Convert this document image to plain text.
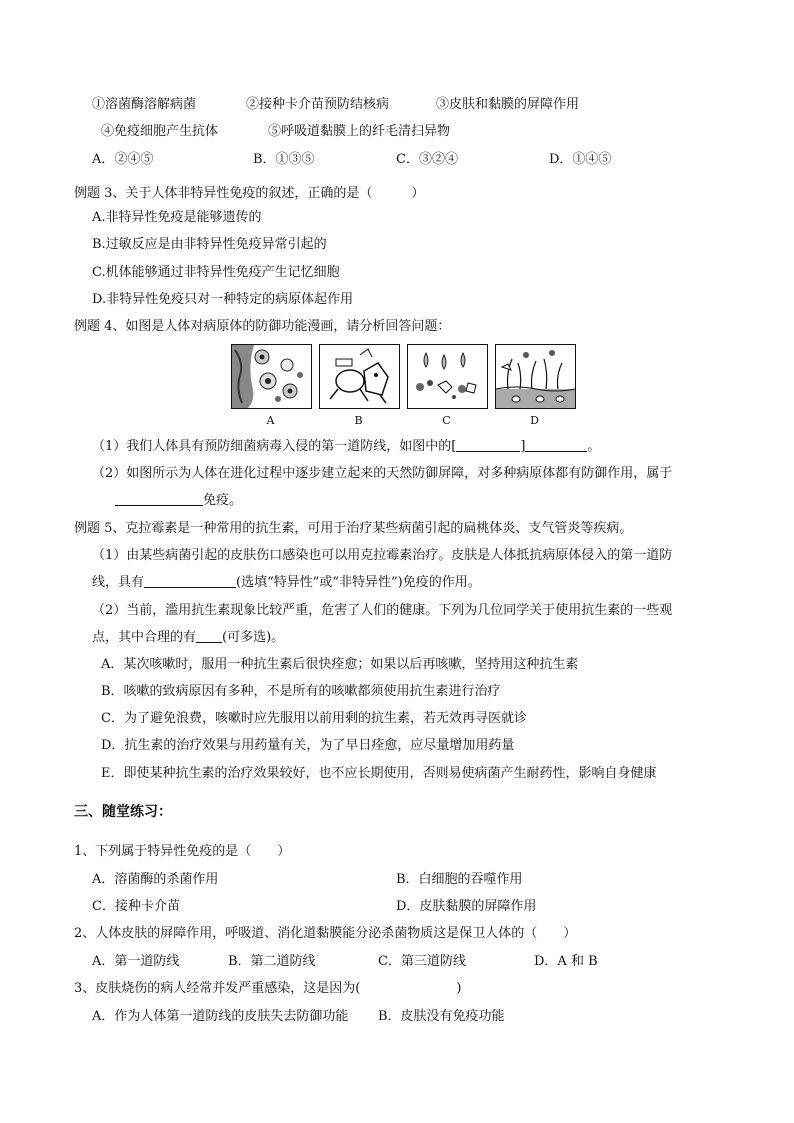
①溶菌酶溶解病菌	②接种卡介苗预防结核病	③皮肤和黏膜的屏障作用
④免疫细胞产生抗体	⑤呼吸道黏膜上的纤毛清扫异物
A．②④⑤	B．①③⑤	C．③②④	D．①④⑤
例题 3、关于人体非特异性免疫的叙述，正确的是（　　　）
A.非特异性免疫是能够遗传的
B.过敏反应是由非特异性免疫异常引起的
C.机体能够通过非特异性免疫产生记忆细胞
D.非特异性免疫只对一种特定的病原体起作用
例题 4、如图是人体对病原体的防御功能漫画，请分析回答问题：
A	B	C	D
（1）我们人体具有预防细菌病毒入侵的第一道防线，如图中的[	]	。
（2）如图所示为人体在进化过程中逐步建立起来的天然防御屏障，对多种病原体都有防御作用，属于
免疫。
例题 5、克拉霉素是一种常用的抗生素，可用于治疗某些病菌引起的扁桃体炎、支气管炎等疾病。
（1）由某些病菌引起的皮肤伤口感染也可以用克拉霉素治疗。皮肤是人体抵抗病原体侵入的第一道防
线，具有	(选填“特异性”或“非特异性”)免疫的作用。
（2）当前，滥用抗生素现象比较严重，危害了人们的健康。下列为几位同学关于使用抗生素的一些观
点，其中合理的有 (可多选)。
A．某次咳嗽时，服用一种抗生素后很快痊愈；如果以后再咳嗽，坚持用这种抗生素
B．咳嗽的致病原因有多种，不是所有的咳嗽都须使用抗生素进行治疗
C．为了避免浪费，咳嗽时应先服用以前用剩的抗生素，若无效再寻医就诊
D．抗生素的治疗效果与用药量有关，为了早日痊愈，应尽量增加用药量
E．即使某种抗生素的治疗效果较好，也不应长期使用，否则易使病菌产生耐药性，影响自身健康
三、随堂练习：
1、下列属于特异性免疫的是（　　）
A．溶菌酶的杀菌作用	B．白细胞的吞噬作用
C．接种卡介苗	D．皮肤黏膜的屏障作用
2、人体皮肤的屏障作用，呼吸道、消化道黏膜能分泌杀菌物质这是保卫人体的（　　）
A．第一道防线	B．第二道防线	C．第三道防线	D．A 和 B
3、皮肤烧伤的病人经常并发严重感染，这是因为(	)
A．作为人体第一道防线的皮肤失去防御功能 B．皮肤没有免疫功能
